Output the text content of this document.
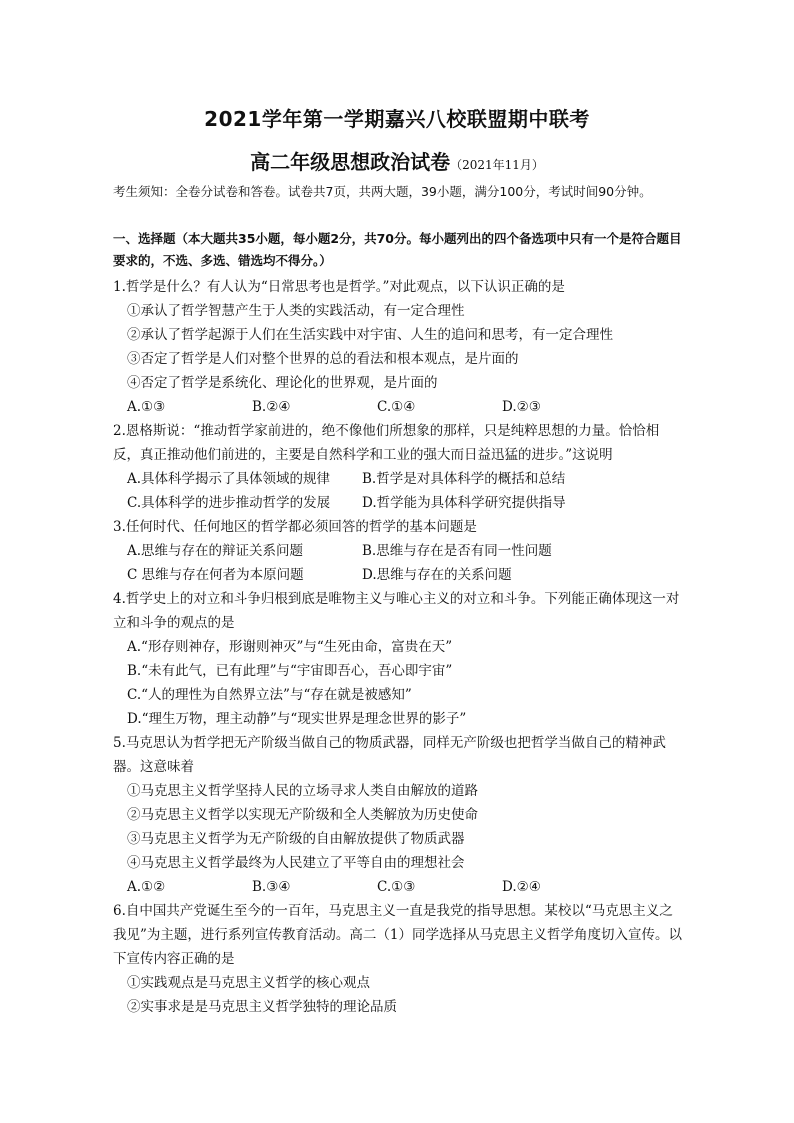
2021学年第一学期嘉兴八校联盟期中联考
高二年级思想政治试卷（2021年11月）
考生须知：全卷分试卷和答卷。试卷共7页，共两大题，39小题，满分100分，考试时间90分钟。
一、选择题（本大题共35小题，每小题2分，共70分。每小题列出的四个备选项中只有一个是符合题目要求的，不选、多选、错选均不得分。）
1.哲学是什么？有人认为“日常思考也是哲学。”对此观点，以下认识正确的是
①承认了哲学智慧产生于人类的实践活动，有一定合理性
②承认了哲学起源于人们在生活实践中对宇宙、人生的追问和思考，有一定合理性
③否定了哲学是人们对整个世界的总的看法和根本观点，是片面的
④否定了哲学是系统化、理论化的世界观，是片面的
A.①③	B.②④	C.①④	D.②③
2.恩格斯说：“推动哲学家前进的，绝不像他们所想象的那样，只是纯粹思想的力量。恰恰相反，真正推动他们前进的，主要是自然科学和工业的强大而日益迅猛的进步。”这说明
A.具体科学揭示了具体领域的规律 B.哲学是对具体科学的概括和总结
C.具体科学的进步推动哲学的发展 D.哲学能为具体科学研究提供指导
3.任何时代、任何地区的哲学都必须回答的哲学的基本问题是
A.思维与存在的辩证关系问题	B.思维与存在是否有同一性问题
C 思维与存在何者为本原问题	D.思维与存在的关系问题
4.哲学史上的对立和斗争归根到底是唯物主义与唯心主义的对立和斗争。下列能正确体现这一对立和斗争的观点的是
A.“形存则神存，形谢则神灭”与“生死由命，富贵在天”
B.“未有此气，已有此理”与“宇宙即吾心，吾心即宇宙”
C.“人的理性为自然界立法”与“存在就是被感知”
D.“理生万物，理主动静”与“现实世界是理念世界的影子”
5.马克思认为哲学把无产阶级当做自己的物质武器，同样无产阶级也把哲学当做自己的精神武器。这意味着
①马克思主义哲学坚持人民的立场寻求人类自由解放的道路
②马克思主义哲学以实现无产阶级和全人类解放为历史使命
③马克思主义哲学为无产阶级的自由解放提供了物质武器
④马克思主义哲学最终为人民建立了平等自由的理想社会
A.①②	B.③④	C.①③	D.②④
6.自中国共产党诞生至今的一百年，马克思主义一直是我党的指导思想。某校以“马克思主义之我见”为主题，进行系列宣传教育活动。高二（1）同学选择从马克思主义哲学角度切入宣传。以下宣传内容正确的是
①实践观点是马克思主义哲学的核心观点
②实事求是是马克思主义哲学独特的理论品质
